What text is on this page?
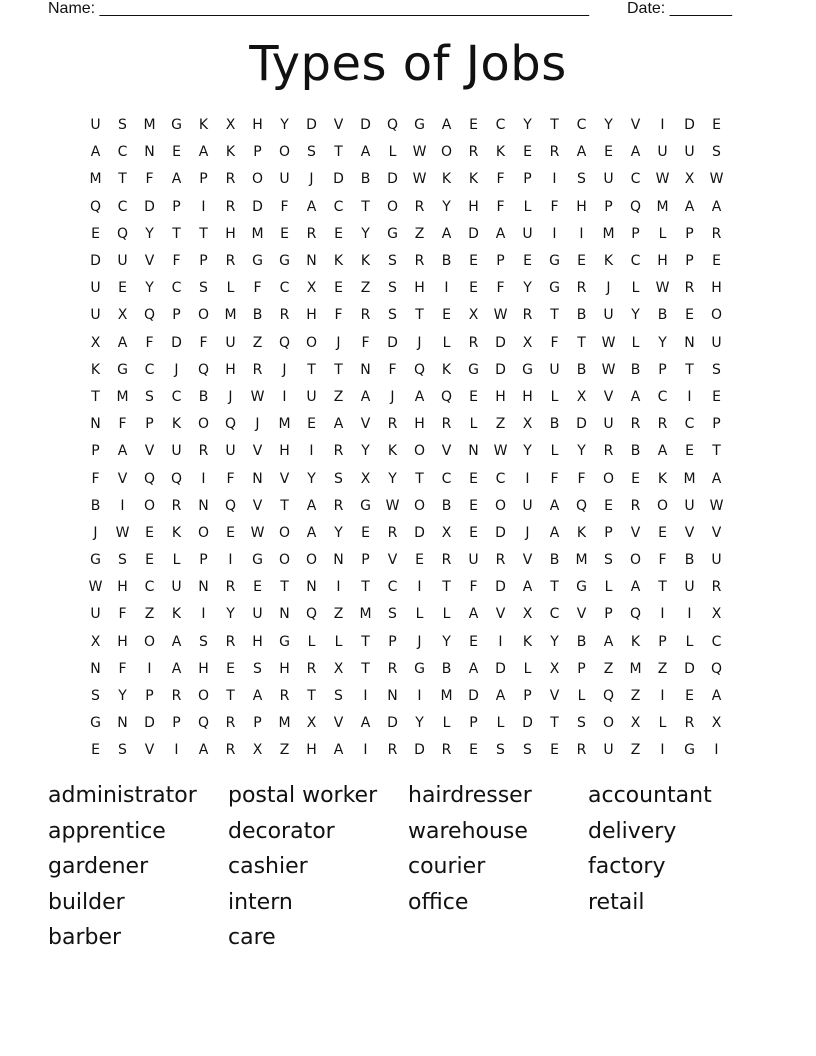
Name: _______________________________________________________ Date: _______
Types of Jobs
U	S	M	G	K	X	H	Y	D	V	D	Q	G	A	E	C	Y	T	C	Y	V	I	D	E
A	C	N	E	A	K	P	O	S	T	A	L	W	O	R	K	E	R	A	E	A	U	U	S
M	T	F	A	P	R	O	U	J	D	B	D	W	K	K	F	P	I	S	U	C	W	X	W
Q	C	D	P	I	R	D	F	A	C	T	O	R	Y	H	F	L	F	H	P	Q	M	A	A
E	Q	Y	T	T	H	M	E	R	E	Y	G	Z	A	D	A	U	I	I	M	P	L	P	R
D	U	V	F	P	R	G	G	N	K	K	S	R	B	E	P	E	G	E	K	C	H	P	E
U	E	Y	C	S	L	F	C	X	E	Z	S	H	I	E	F	Y	G	R	J	L	W	R	H
U	X	Q	P	O	M	B	R	H	F	R	S	T	E	X	W	R	T	B	U	Y	B	E	O
X	A	F	D	F	U	Z	Q	O	J	F	D	J	L	R	D	X	F	T	W	L	Y	N	U
K	G	C	J	Q	H	R	J	T	T	N	F	Q	K	G	D	G	U	B	W	B	P	T	S
T	M	S	C	B	J	W	I	U	Z	A	J	A	Q	E	H	H	L	X	V	A	C	I	E
N	F	P	K	O	Q	J	M	E	A	V	R	H	R	L	Z	X	B	D	U	R	R	C	P
P	A	V	U	R	U	V	H	I	R	Y	K	O	V	N	W	Y	L	Y	R	B	A	E	T
F	V	Q	Q	I	F	N	V	Y	S	X	Y	T	C	E	C	I	F	F	O	E	K	M	A
B	I	O	R	N	Q	V	T	A	R	G	W	O	B	E	O	U	A	Q	E	R	O	U	W
J	W	E	K	O	E	W	O	A	Y	E	R	D	X	E	D	J	A	K	P	V	E	V	V
G	S	E	L	P	I	G	O	O	N	P	V	E	R	U	R	V	B	M	S	O	F	B	U
W	H	C	U	N	R	E	T	N	I	T	C	I	T	F	D	A	T	G	L	A	T	U	R
U	F	Z	K	I	Y	U	N	Q	Z	M	S	L	L	A	V	X	C	V	P	Q	I	I	X
X	H	O	A	S	R	H	G	L	L	T	P	J	Y	E	I	K	Y	B	A	K	P	L	C
N	F	I	A	H	E	S	H	R	X	T	R	G	B	A	D	L	X	P	Z	M	Z	D	Q
S	Y	P	R	O	T	A	R	T	S	I	N	I	M	D	A	P	V	L	Q	Z	I	E	A
G	N	D	P	Q	R	P	M	X	V	A	D	Y	L	P	L	D	T	S	O	X	L	R	X
E	S	V	I	A	R	X	Z	H	A	I	R	D	R	E	S	S	E	R	U	Z	I	G	I
administrator	postal worker	hairdresser	accountant
apprentice	decorator	warehouse	delivery
gardener	cashier	courier	factory
builder	intern	office	retail
barber	care
